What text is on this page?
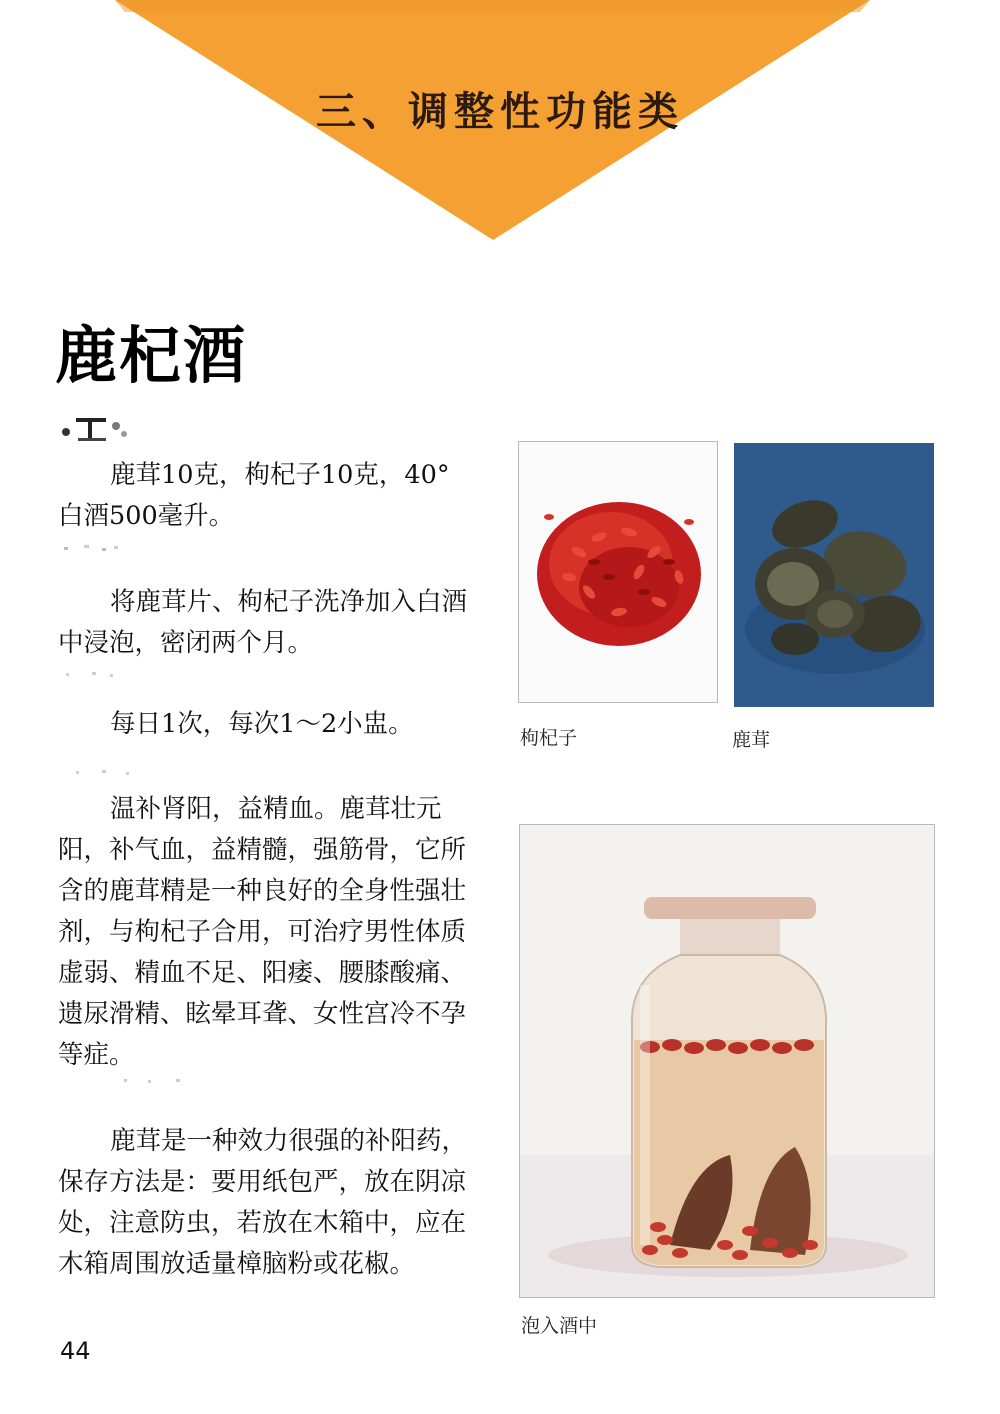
三、调整性功能类
鹿杞酒

鹿茸10克，枸杞子10克，40°白酒500毫升。

将鹿茸片、枸杞子洗净加入白酒中浸泡，密闭两个月。

每日1次，每次1～2小盅。

温补肾阳，益精血。鹿茸壮元阳，补气血，益精髓，强筋骨，它所含的鹿茸精是一种良好的全身性强壮剂，与枸杞子合用，可治疗男性体质虚弱、精血不足、阳痿、腰膝酸痛、遗尿滑精、眩晕耳聋、女性宫冷不孕等症。

鹿茸是一种效力很强的补阳药，保存方法是：要用纸包严，放在阴凉处，注意防虫，若放在木箱中，应在木箱周围放适量樟脑粉或花椒。

枸杞子	鹿茸
泡入酒中
44
